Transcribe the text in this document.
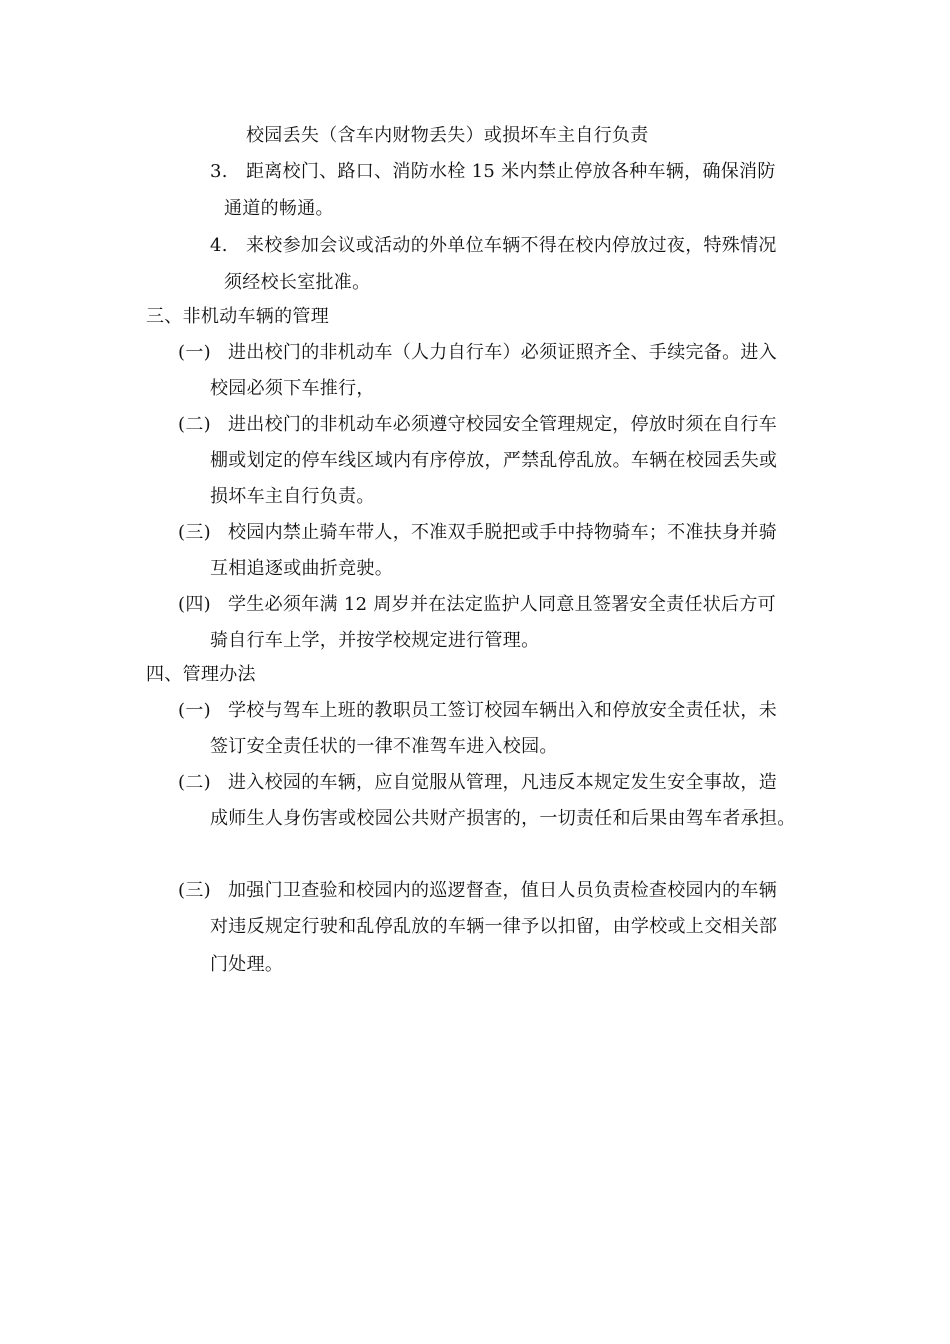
校园丢失（含车内财物丢失）或损坏车主自行负责
3. 距离校门、路口、消防水栓 15 米内禁止停放各种车辆，确保消防
通道的畅通。
4. 来校参加会议或活动的外单位车辆不得在校内停放过夜，特殊情况
须经校长室批准。
三、非机动车辆的管理
(一) 进出校门的非机动车（人力自行车）必须证照齐全、手续完备。进入
校园必须下车推行，
(二) 进出校门的非机动车必须遵守校园安全管理规定，停放时须在自行车
棚或划定的停车线区域内有序停放，严禁乱停乱放。车辆在校园丢失或
损坏车主自行负责。
(三) 校园内禁止骑车带人，不准双手脱把或手中持物骑车；不准扶身并骑
互相追逐或曲折竞驶。
(四) 学生必须年满 12 周岁并在法定监护人同意且签署安全责任状后方可
骑自行车上学，并按学校规定进行管理。
四、管理办法
(一) 学校与驾车上班的教职员工签订校园车辆出入和停放安全责任状，未
签订安全责任状的一律不准驾车进入校园。
(二) 进入校园的车辆，应自觉服从管理，凡违反本规定发生安全事故，造
成师生人身伤害或校园公共财产损害的，一切责任和后果由驾车者承担。
(三) 加强门卫查验和校园内的巡逻督查，值日人员负责检查校园内的车辆
对违反规定行驶和乱停乱放的车辆一律予以扣留，由学校或上交相关部
门处理。
